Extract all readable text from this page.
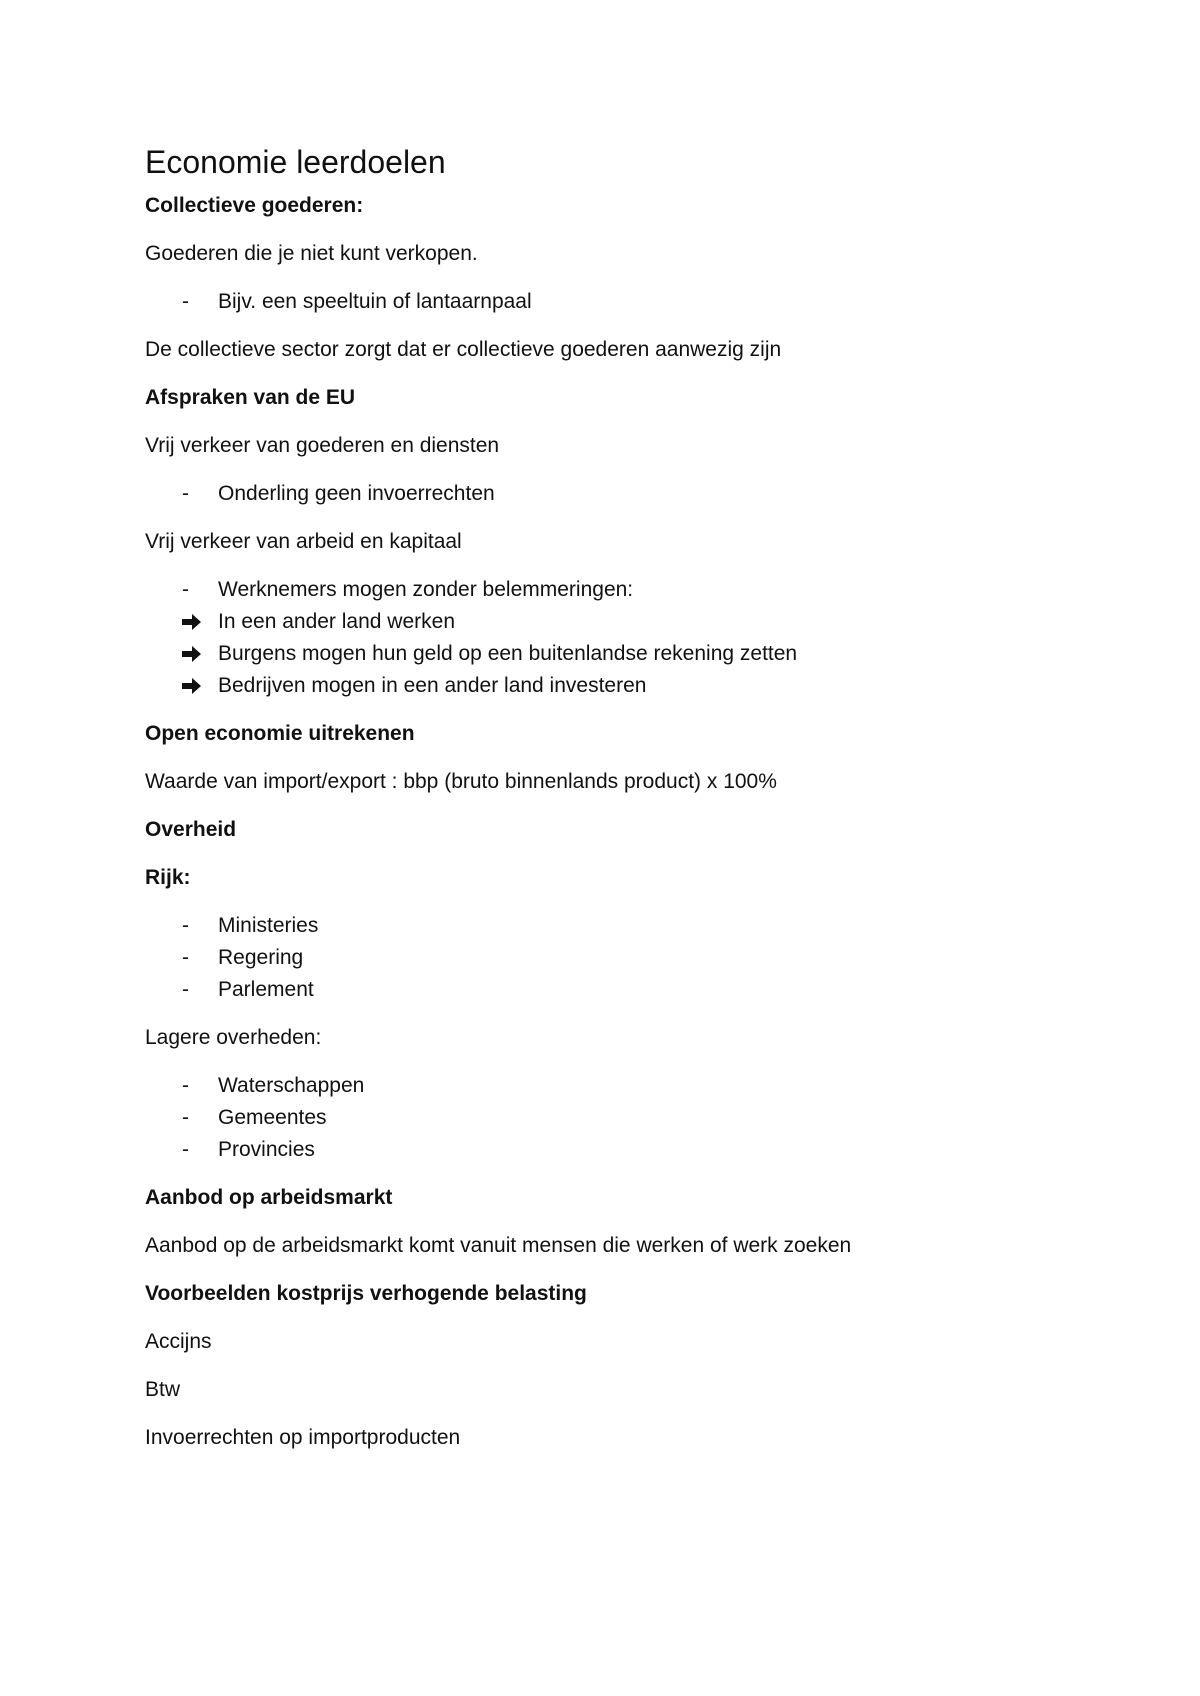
Economie leerdoelen
Collectieve goederen:
Goederen die je niet kunt verkopen.
- Bijv. een speeltuin of lantaarnpaal
De collectieve sector zorgt dat er collectieve goederen aanwezig zijn
Afspraken van de EU
Vrij verkeer van goederen en diensten
- Onderling geen invoerrechten
Vrij verkeer van arbeid en kapitaal
- Werknemers mogen zonder belemmeringen:
In een ander land werken
Burgens mogen hun geld op een buitenlandse rekening zetten
Bedrijven mogen in een ander land investeren
Open economie uitrekenen
Waarde van import/export : bbp (bruto binnenlands product) x 100%
Overheid
Rijk:
- Ministeries
- Regering
- Parlement
Lagere overheden:
- Waterschappen
- Gemeentes
- Provincies
Aanbod op arbeidsmarkt
Aanbod op de arbeidsmarkt komt vanuit mensen die werken of werk zoeken
Voorbeelden kostprijs verhogende belasting
Accijns
Btw
Invoerrechten op importproducten
